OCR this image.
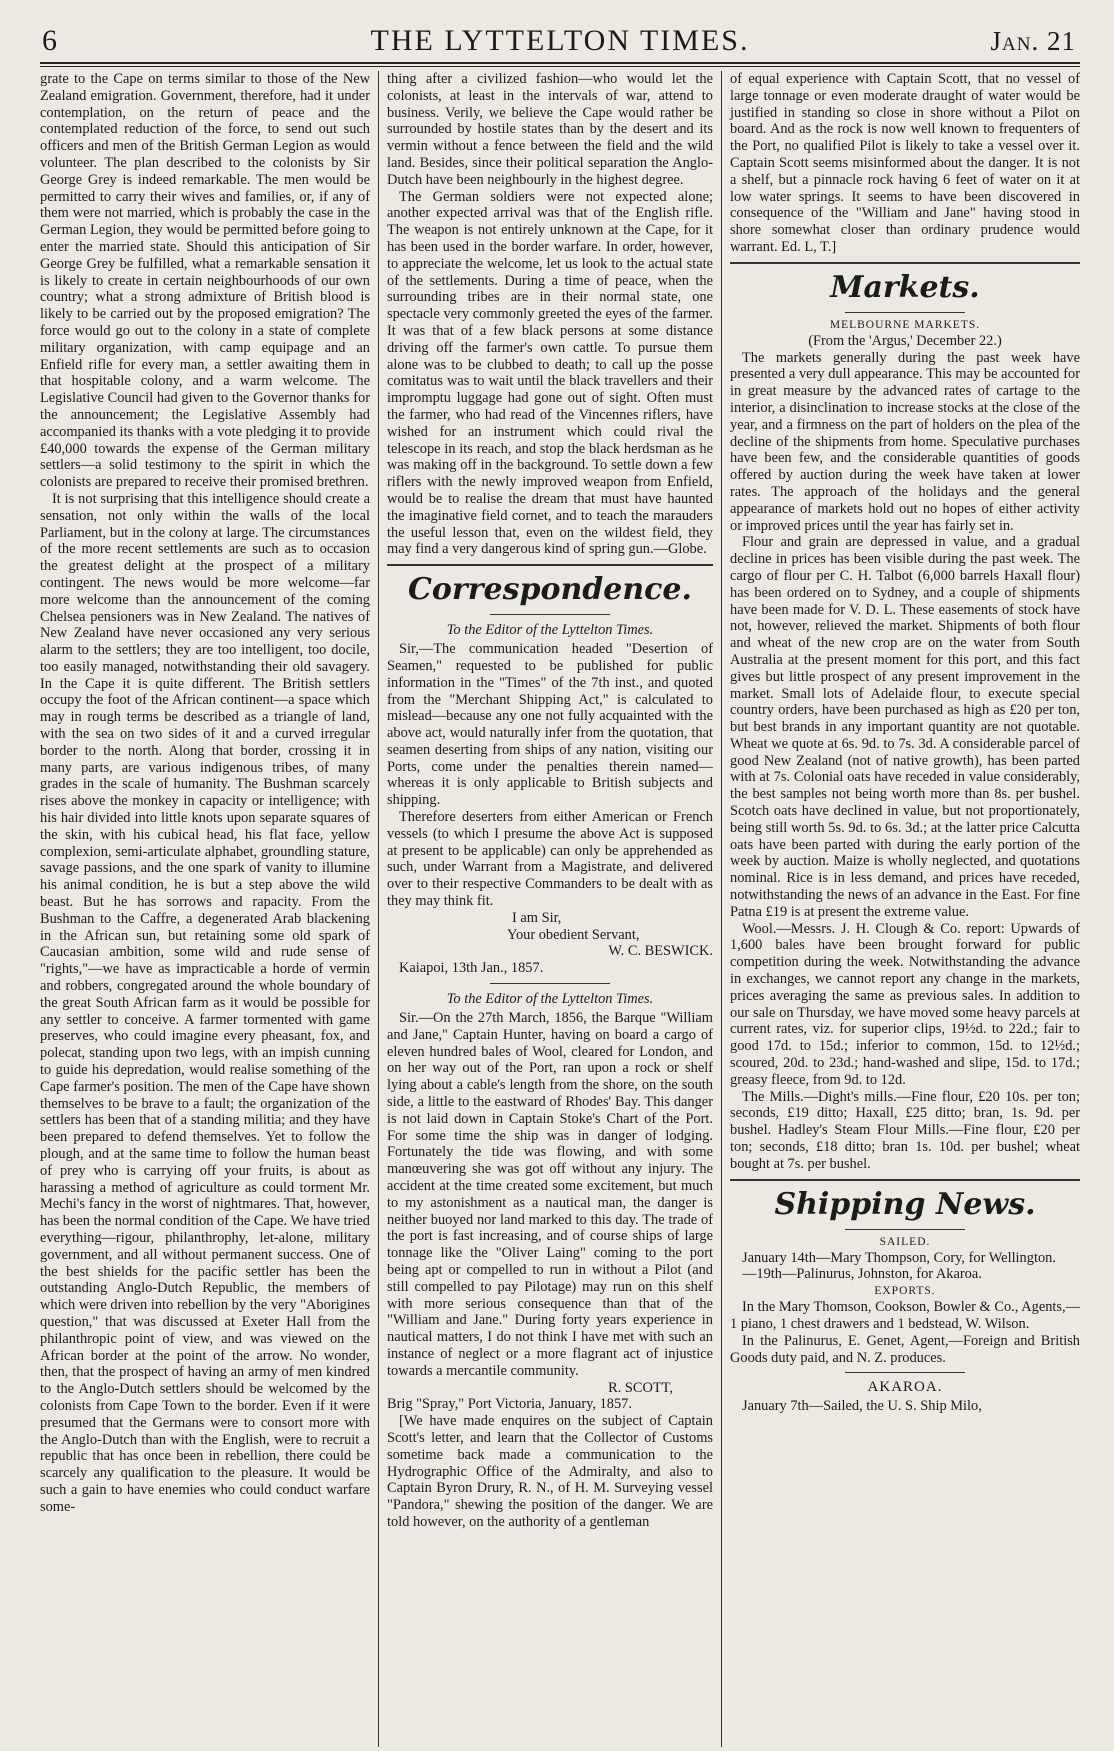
6	THE LYTTELTON TIMES.	Jan. 21

grate to the Cape on terms similar to those of the New Zealand emigration. Government, therefore, had it under contemplation, on the return of peace and the contemplated reduction of the force, to send out such officers and men of the British German Legion as would volunteer. The plan described to the colonists by Sir George Grey is indeed remarkable. The men would be permitted to carry their wives and families, or, if any of them were not married, which is probably the case in the German Legion, they would be permitted before going to enter the married state. Should this anticipation of Sir George Grey be fulfilled, what a remarkable sensation it is likely to create in certain neighbourhoods of our own country; what a strong admixture of British blood is likely to be carried out by the proposed emigration? The force would go out to the colony in a state of complete military organization, with camp equipage and an Enfield rifle for every man, a settler awaiting them in that hospitable colony, and a warm welcome. The Legislative Council had given to the Governor thanks for the announcement; the Legislative Assembly had accompanied its thanks with a vote pledging it to provide £40,000 towards the expense of the German military settlers—a solid testimony to the spirit in which the colonists are prepared to receive their promised brethren.

It is not surprising that this intelligence should create a sensation, not only within the walls of the local Parliament, but in the colony at large. The circumstances of the more recent settlements are such as to occasion the greatest delight at the prospect of a military contingent. The news would be more welcome—far more welcome than the announcement of the coming Chelsea pensioners was in New Zealand. The natives of New Zealand have never occasioned any very serious alarm to the settlers; they are too intelligent, too docile, too easily managed, notwithstanding their old savagery. In the Cape it is quite different. The British settlers occupy the foot of the African continent—a space which may in rough terms be described as a triangle of land, with the sea on two sides of it and a curved irregular border to the north. Along that border, crossing it in many parts, are various indigenous tribes, of many grades in the scale of humanity. The Bushman scarcely rises above the monkey in capacity or intelligence; with his hair divided into little knots upon separate squares of the skin, with his cubical head, his flat face, yellow complexion, semi-articulate alphabet, groundling stature, savage passions, and the one spark of vanity to illumine his animal condition, he is but a step above the wild beast. But he has sorrows and rapacity. From the Bushman to the Caffre, a degenerated Arab blackening in the African sun, but retaining some old spark of Caucasian ambition, some wild and rude sense of "rights,"—we have as impracticable a horde of vermin and robbers, congregated around the whole boundary of the great South African farm as it would be possible for any settler to conceive. A farmer tormented with game preserves, who could imagine every pheasant, fox, and polecat, standing upon two legs, with an impish cunning to guide his depredation, would realise something of the Cape farmer's position. The men of the Cape have shown themselves to be brave to a fault; the organization of the settlers has been that of a standing militia; and they have been prepared to defend themselves. Yet to follow the plough, and at the same time to follow the human beast of prey who is carrying off your fruits, is about as harassing a method of agriculture as could torment Mr. Mechi's fancy in the worst of nightmares. That, however, has been the normal condition of the Cape. We have tried everything—rigour, philanthrophy, let-alone, military government, and all without permanent success. One of the best shields for the pacific settler has been the outstanding Anglo-Dutch Republic, the members of which were driven into rebellion by the very "Aborigines question," that was discussed at Exeter Hall from the philanthropic point of view, and was viewed on the African border at the point of the arrow. No wonder, then, that the prospect of having an army of men kindred to the Anglo-Dutch settlers should be welcomed by the colonists from Cape Town to the border. Even if it were presumed that the Germans were to consort more with the Anglo-Dutch than with the English, were to recruit a republic that has once been in rebellion, there could be scarcely any qualification to the pleasure. It would be such a gain to have enemies who could conduct warfare some-

thing after a civilized fashion—who would let the colonists, at least in the intervals of war, attend to business. Verily, we believe the Cape would rather be surrounded by hostile states than by the desert and its vermin without a fence between the field and the wild land. Besides, since their political separation the Anglo-Dutch have been neighbourly in the highest degree.

The German soldiers were not expected alone; another expected arrival was that of the English rifle. The weapon is not entirely unknown at the Cape, for it has been used in the border warfare. In order, however, to appreciate the welcome, let us look to the actual state of the settlements. During a time of peace, when the surrounding tribes are in their normal state, one spectacle very commonly greeted the eyes of the farmer. It was that of a few black persons at some distance driving off the farmer's own cattle. To pursue them alone was to be clubbed to death; to call up the posse comitatus was to wait until the black travellers and their impromptu luggage had gone out of sight. Often must the farmer, who had read of the Vincennes riflers, have wished for an instrument which could rival the telescope in its reach, and stop the black herdsman as he was making off in the background. To settle down a few riflers with the newly improved weapon from Enfield, would be to realise the dream that must have haunted the imaginative field cornet, and to teach the marauders the useful lesson that, even on the wildest field, they may find a very dangerous kind of spring gun.—Globe.

Correspondence.
To the Editor of the Lyttelton Times.

Sir,—The communication headed "Desertion of Seamen," requested to be published for public information in the "Times" of the 7th inst., and quoted from the "Merchant Shipping Act," is calculated to mislead—because any one not fully acquainted with the above act, would naturally infer from the quotation, that seamen deserting from ships of any nation, visiting our Ports, come under the penalties therein named—whereas it is only applicable to British subjects and shipping.

Therefore deserters from either American or French vessels (to which I presume the above Act is supposed at present to be applicable) can only be apprehended as such, under Warrant from a Magistrate, and delivered over to their respective Commanders to be dealt with as they may think fit.

I am Sir,
Your obedient Servant,
W. C. BESWICK.
Kaiapoi, 13th Jan., 1857.
To the Editor of the Lyttelton Times.

Sir.—On the 27th March, 1856, the Barque "William and Jane," Captain Hunter, having on board a cargo of eleven hundred bales of Wool, cleared for London, and on her way out of the Port, ran upon a rock or shelf lying about a cable's length from the shore, on the south side, a little to the eastward of Rhodes' Bay. This danger is not laid down in Captain Stoke's Chart of the Port. For some time the ship was in danger of lodging. Fortunately the tide was flowing, and with some manœuvering she was got off without any injury. The accident at the time created some excitement, but much to my astonishment as a nautical man, the danger is neither buoyed nor land marked to this day. The trade of the port is fast increasing, and of course ships of large tonnage like the "Oliver Laing" coming to the port being apt or compelled to run in without a Pilot (and still compelled to pay Pilotage) may run on this shelf with more serious consequence than that of the "William and Jane." During forty years experience in nautical matters, I do not think I have met with such an instance of neglect or a more flagrant act of injustice towards a mercantile community.

R. SCOTT,
Brig "Spray," Port Victoria, January, 1857.

[We have made enquires on the subject of Captain Scott's letter, and learn that the Collector of Customs sometime back made a communication to the Hydrographic Office of the Admiralty, and also to Captain Byron Drury, R. N., of H. M. Surveying vessel "Pandora," shewing the position of the danger. We are told however, on the authority of a gentleman

of equal experience with Captain Scott, that no vessel of large tonnage or even moderate draught of water would be justified in standing so close in shore without a Pilot on board. And as the rock is now well known to frequenters of the Port, no qualified Pilot is likely to take a vessel over it. Captain Scott seems misinformed about the danger. It is not a shelf, but a pinnacle rock having 6 feet of water on it at low water springs. It seems to have been discovered in consequence of the "William and Jane" having stood in shore somewhat closer than ordinary prudence would warrant. Ed. L, T.]

Markets.
MELBOURNE MARKETS.
(From the 'Argus,' December 22.)

The markets generally during the past week have presented a very dull appearance. This may be accounted for in great measure by the advanced rates of cartage to the interior, a disinclination to increase stocks at the close of the year, and a firmness on the part of holders on the plea of the decline of the shipments from home. Speculative purchases have been few, and the considerable quantities of goods offered by auction during the week have taken at lower rates. The approach of the holidays and the general appearance of markets hold out no hopes of either activity or improved prices until the year has fairly set in.

Flour and grain are depressed in value, and a gradual decline in prices has been visible during the past week. The cargo of flour per C. H. Talbot (6,000 barrels Haxall flour) has been ordered on to Sydney, and a couple of shipments have been made for V. D. L. These easements of stock have not, however, relieved the market. Shipments of both flour and wheat of the new crop are on the water from South Australia at the present moment for this port, and this fact gives but little prospect of any present improvement in the market. Small lots of Adelaide flour, to execute special country orders, have been purchased as high as £20 per ton, but best brands in any important quantity are not quotable. Wheat we quote at 6s. 9d. to 7s. 3d. A considerable parcel of good New Zealand (not of native growth), has been parted with at 7s. Colonial oats have receded in value considerably, the best samples not being worth more than 8s. per bushel. Scotch oats have declined in value, but not proportionately, being still worth 5s. 9d. to 6s. 3d.; at the latter price Calcutta oats have been parted with during the early portion of the week by auction. Maize is wholly neglected, and quotations nominal. Rice is in less demand, and prices have receded, notwithstanding the news of an advance in the East. For fine Patna £19 is at present the extreme value.

Wool.—Messrs. J. H. Clough & Co. report: Upwards of 1,600 bales have been brought forward for public competition during the week. Notwithstanding the advance in exchanges, we cannot report any change in the markets, prices averaging the same as previous sales. In addition to our sale on Thursday, we have moved some heavy parcels at current rates, viz. for superior clips, 19½d. to 22d.; fair to good 17d. to 15d.; inferior to common, 15d. to 12½d.; scoured, 20d. to 23d.; hand-washed and slipe, 15d. to 17d.; greasy fleece, from 9d. to 12d.

The Mills.—Dight's mills.—Fine flour, £20 10s. per ton; seconds, £19 ditto; Haxall, £25 ditto; bran, 1s. 9d. per bushel. Hadley's Steam Flour Mills.—Fine flour, £20 per ton; seconds, £18 ditto; bran 1s. 10d. per bushel; wheat bought at 7s. per bushel.

Shipping News.
SAILED.

January 14th—Mary Thompson, Cory, for Wellington.

—19th—Palinurus, Johnston, for Akaroa.

EXPORTS.

In the Mary Thomson, Cookson, Bowler & Co., Agents,—1 piano, 1 chest drawers and 1 bedstead, W. Wilson.

In the Palinurus, E. Genet, Agent,—Foreign and British Goods duty paid, and N. Z. produces.

AKAROA.

January 7th—Sailed, the U. S. Ship Milo,
